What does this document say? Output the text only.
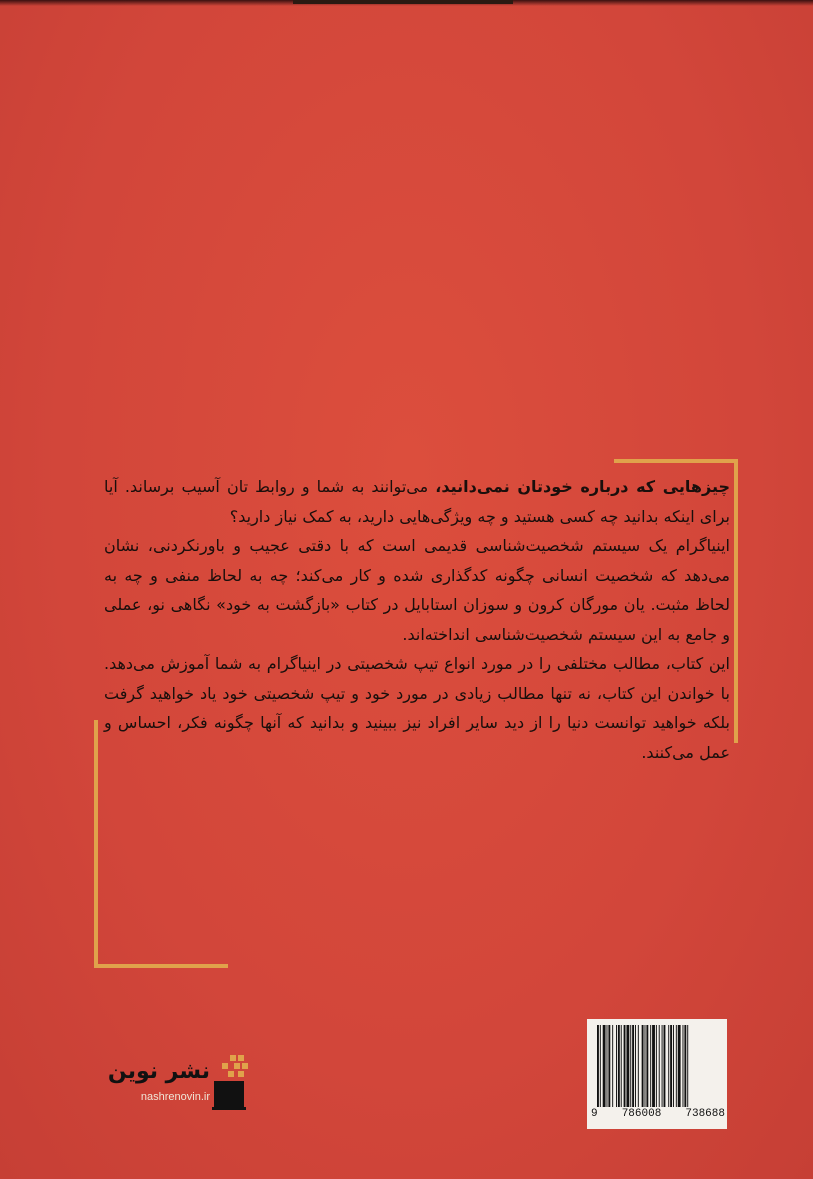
چیزهایی که درباره خودتان نمی‌دانید، می‌توانند به شما و روابط تان آسیب برساند. آیا برای اینکه بدانید چه کسی هستید و چه ویژگی‌هایی دارید، به کمک نیاز دارید؟

اینیاگرام یک سیستم شخصیت‌شناسی قدیمی است که با دقتی عجیب و باورنکردنی، نشان می‌دهد که شخصیت انسانی چگونه کدگذاری شده و کار می‌کند؛ چه به لحاظ منفی و چه به لحاظ مثبت. یان مورگان کرون و سوزان استابایل در کتاب «بازگشت به خود» نگاهی نو، عملی و جامع به این سیستم شخصیت‌شناسی انداخته‌اند.

این کتاب، مطالب مختلفی را در مورد انواع تیپ شخصیتی در اینیاگرام به شما آموزش می‌دهد. با خواندن این کتاب، نه تنها مطالب زیادی در مورد خود و تیپ شخصیتی خود یاد خواهید گرفت بلکه خواهید توانست دنیا را از دید سایر افراد نیز ببینید و بدانید که آنها چگونه فکر، احساس و عمل می‌کنند.

نشر نوین
nashrenovin.ir
9 786008 738688
